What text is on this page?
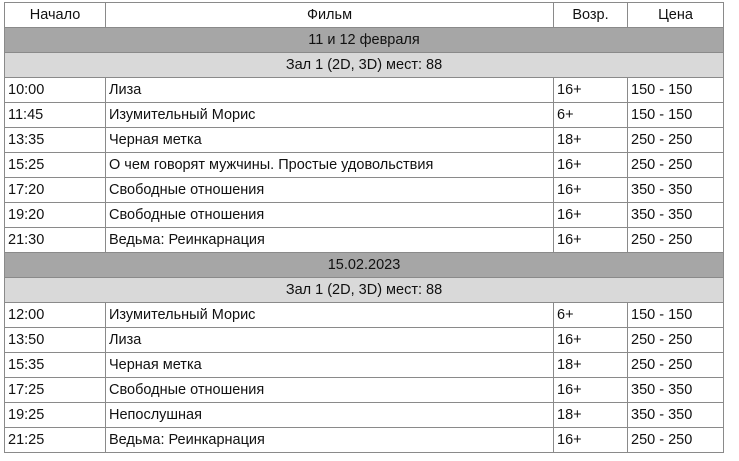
Начало	Фильм	Возр.	Цена
11 и 12 февраля			
Зал 1 (2D, 3D) мест: 88			
10:00	Лиза	16+	150 - 150
11:45	Изумительный Морис	6+	150 - 150
13:35	Черная метка	18+	250 - 250
15:25	О чем говорят мужчины. Простые удовольствия	16+	250 - 250
17:20	Свободные отношения	16+	350 - 350
19:20	Свободные отношения	16+	350 - 350
21:30	Ведьма: Реинкарнация	16+	250 - 250
15.02.2023			
Зал 1 (2D, 3D) мест: 88			
12:00	Изумительный Морис	6+	150 - 150
13:50	Лиза	16+	250 - 250
15:35	Черная метка	18+	250 - 250
17:25	Свободные отношения	16+	350 - 350
19:25	Непослушная	18+	350 - 350
21:25	Ведьма: Реинкарнация	16+	250 - 250
